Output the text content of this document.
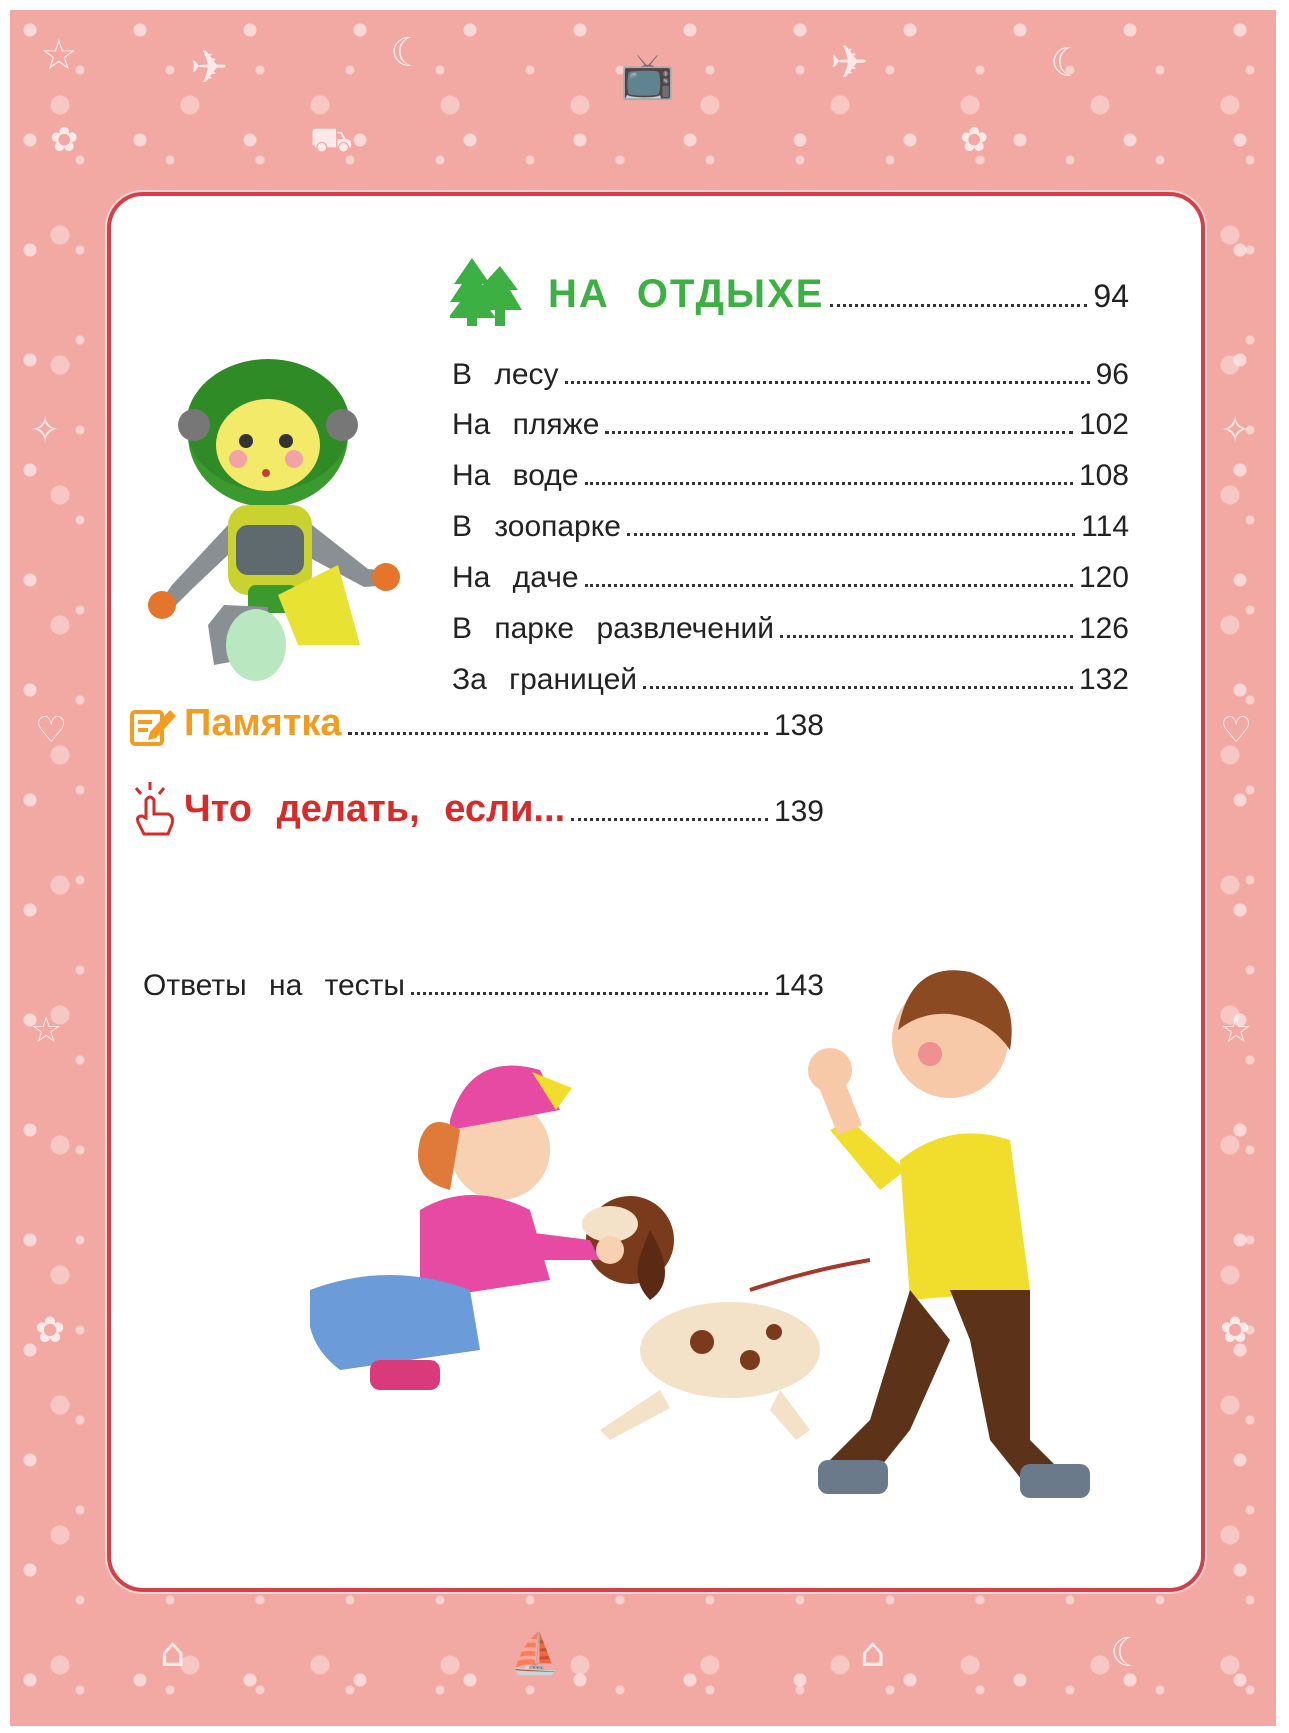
☆ ✈	☾	📺	✈	☾
✿	⛟	✿
✧
♡
☆
✿
✧
♡
☆
✿
⌂	⛵	⌂	☾
НА ОТДЫХЕ	94
В лесу	96
На пляже	102
На воде	108
В зоопарке	114
На даче	120
В парке развлечений	126
За границей	132
Памятка	138
Что делать, если...	139
Ответы на тесты	143
